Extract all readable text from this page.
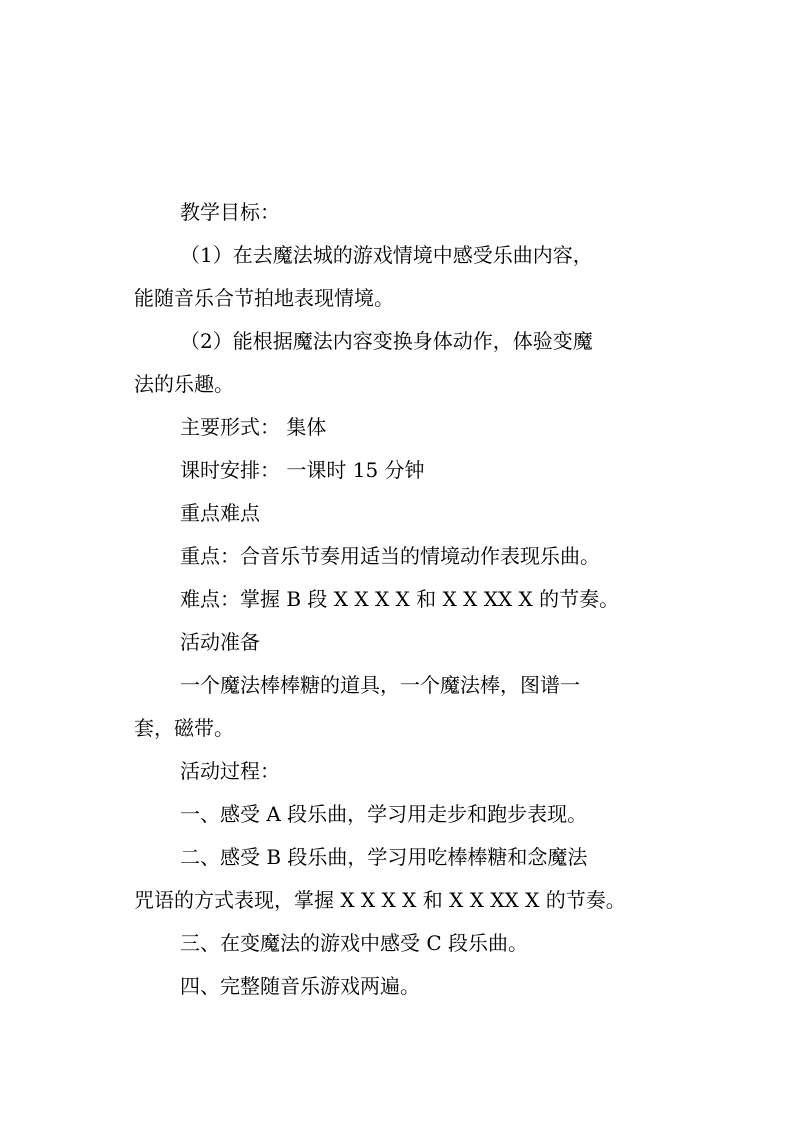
教学目标：
（1）在去魔法城的游戏情境中感受乐曲内容，
能随音乐合节拍地表现情境。
（2）能根据魔法内容变换身体动作，体验变魔
法的乐趣。
主要形式： 集体
课时安排： 一课时 15 分钟
重点难点
重点：合音乐节奏用适当的情境动作表现乐曲。
难点：掌握 B 段 X X X X 和 X X XX X 的节奏。
活动准备
一个魔法棒棒糖的道具，一个魔法棒，图谱一
套，磁带。
活动过程：
一、感受 A 段乐曲，学习用走步和跑步表现。
二、感受 B 段乐曲，学习用吃棒棒糖和念魔法
咒语的方式表现，掌握 X X X X 和 X X XX X 的节奏。
三、在变魔法的游戏中感受 C 段乐曲。
四、完整随音乐游戏两遍。
